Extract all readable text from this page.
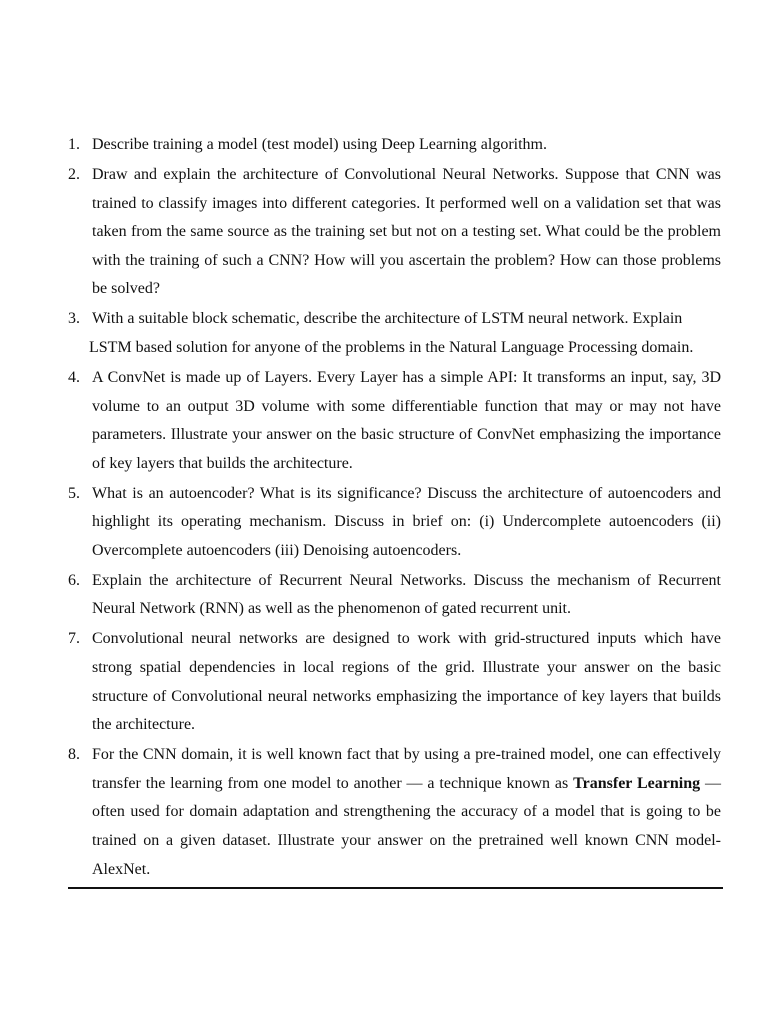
1. Describe training a model (test model) using Deep Learning algorithm.
2. Draw and explain the architecture of Convolutional Neural Networks. Suppose that CNN was trained to classify images into different categories. It performed well on a validation set that was taken from the same source as the training set but not on a testing set. What could be the problem with the training of such a CNN? How will you ascertain the problem? How can those problems be solved?
3. With a suitable block schematic, describe the architecture of LSTM neural network. Explain
LSTM based solution for anyone of the problems in the Natural Language Processing domain.
4. A ConvNet is made up of Layers. Every Layer has a simple API: It transforms an input, say, 3D volume to an output 3D volume with some differentiable function that may or may not have parameters. Illustrate your answer on the basic structure of ConvNet emphasizing the importance of key layers that builds the architecture.
5. What is an autoencoder? What is its significance? Discuss the architecture of autoencoders and highlight its operating mechanism. Discuss in brief on: (i) Undercomplete autoencoders (ii) Overcomplete autoencoders (iii) Denoising autoencoders.
6. Explain the architecture of Recurrent Neural Networks. Discuss the mechanism of Recurrent Neural Network (RNN) as well as the phenomenon of gated recurrent unit.
7. Convolutional neural networks are designed to work with grid-structured inputs which have strong spatial dependencies in local regions of the grid. Illustrate your answer on the basic structure of Convolutional neural networks emphasizing the importance of key layers that builds the architecture.
8. For the CNN domain, it is well known fact that by using a pre-trained model, one can effectively transfer the learning from one model to another — a technique known as Transfer Learning — often used for domain adaptation and strengthening the accuracy of a model that is going to be trained on a given dataset. Illustrate your answer on the pretrained well known CNN model-AlexNet.
